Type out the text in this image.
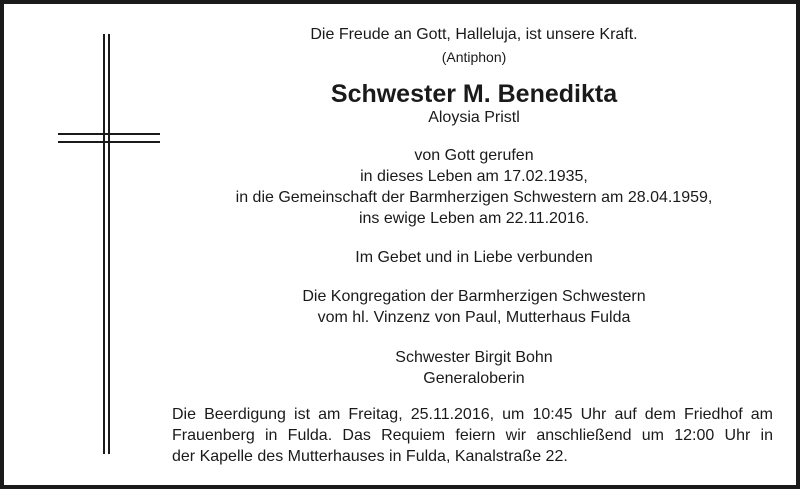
Die Freude an Gott, Halleluja, ist unsere Kraft.
(Antiphon)
Schwester M. Benedikta
Aloysia Pristl
von Gott gerufen
in dieses Leben am 17.02.1935,
in die Gemeinschaft der Barmherzigen Schwestern am 28.04.1959,
ins ewige Leben am 22.11.2016.
Im Gebet und in Liebe verbunden
Die Kongregation der Barmherzigen Schwestern
vom hl. Vinzenz von Paul, Mutterhaus Fulda
Schwester Birgit Bohn
Generaloberin
Die Beerdigung ist am Freitag, 25.11.2016, um 10:45 Uhr auf dem Friedhof am
Frauenberg in Fulda. Das Requiem feiern wir anschließend um 12:00 Uhr in
der Kapelle des Mutterhauses in Fulda, Kanalstraße 22.
